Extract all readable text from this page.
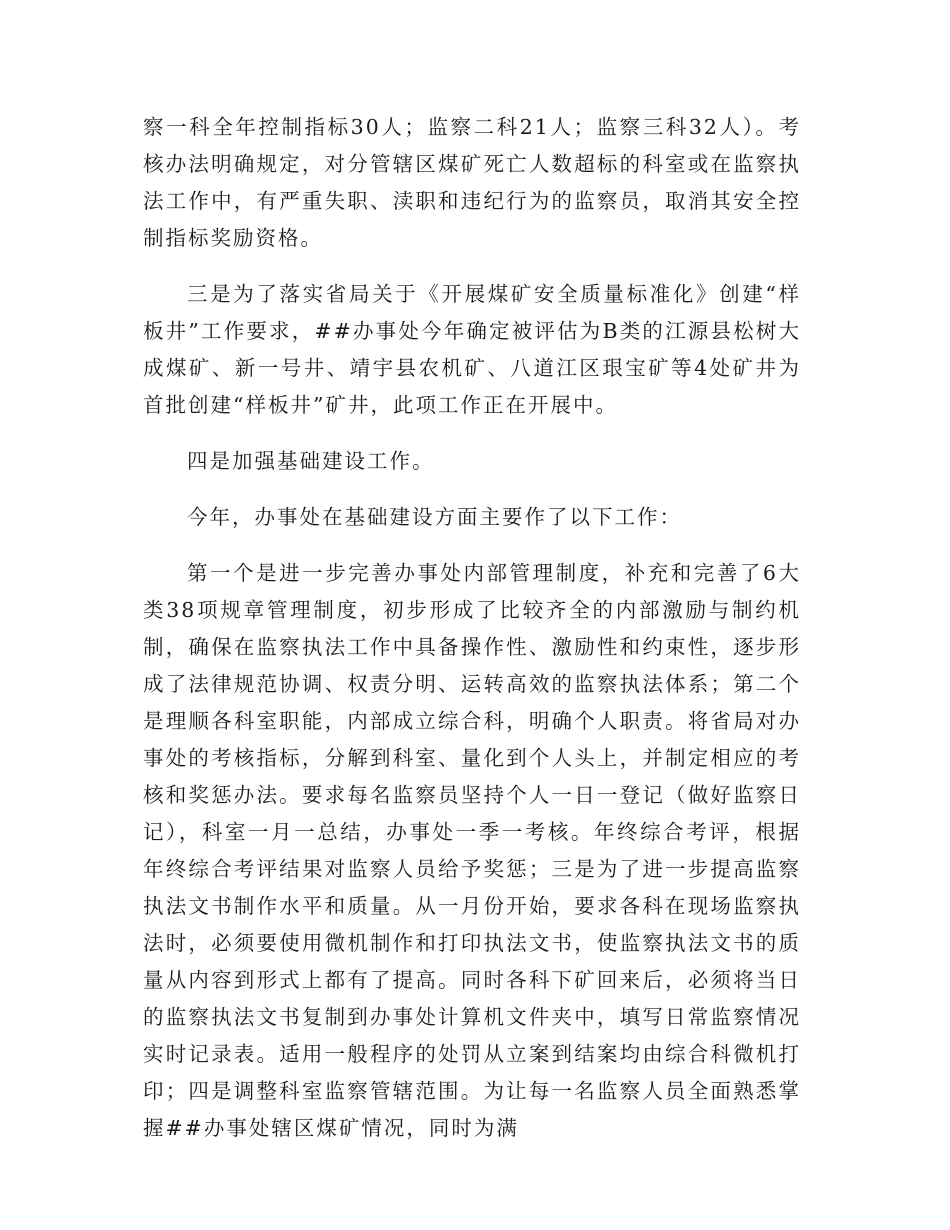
察一科全年控制指标30人；监察二科21人；监察三科32人）。考核办法明确规定，对分管辖区煤矿死亡人数超标的科室或在监察执法工作中，有严重失职、渎职和违纪行为的监察员，取消其安全控制指标奖励资格。

三是为了落实省局关于《开展煤矿安全质量标准化》创建“样板井”工作要求，##办事处今年确定被评估为B类的江源县松树大成煤矿、新一号井、靖宇县农机矿、八道江区珢宝矿等4处矿井为首批创建“样板井”矿井，此项工作正在开展中。

四是加强基础建设工作。

今年，办事处在基础建设方面主要作了以下工作：

第一个是进一步完善办事处内部管理制度，补充和完善了6大类38项规章管理制度，初步形成了比较齐全的内部激励与制约机制，确保在监察执法工作中具备操作性、激励性和约束性，逐步形成了法律规范协调、权责分明、运转高效的监察执法体系；第二个是理顺各科室职能，内部成立综合科，明确个人职责。将省局对办事处的考核指标，分解到科室、量化到个人头上，并制定相应的考核和奖惩办法。要求每名监察员坚持个人一日一登记（做好监察日记），科室一月一总结，办事处一季一考核。年终综合考评，根据年终综合考评结果对监察人员给予奖惩；三是为了进一步提高监察执法文书制作水平和质量。从一月份开始，要求各科在现场监察执法时，必须要使用微机制作和打印执法文书，使监察执法文书的质量从内容到形式上都有了提高。同时各科下矿回来后，必须将当日的监察执法文书复制到办事处计算机文件夹中，填写日常监察情况实时记录表。适用一般程序的处罚从立案到结案均由综合科微机打印；四是调整科室监察管辖范围。为让每一名监察人员全面熟悉掌握##办事处辖区煤矿情况，同时为满
